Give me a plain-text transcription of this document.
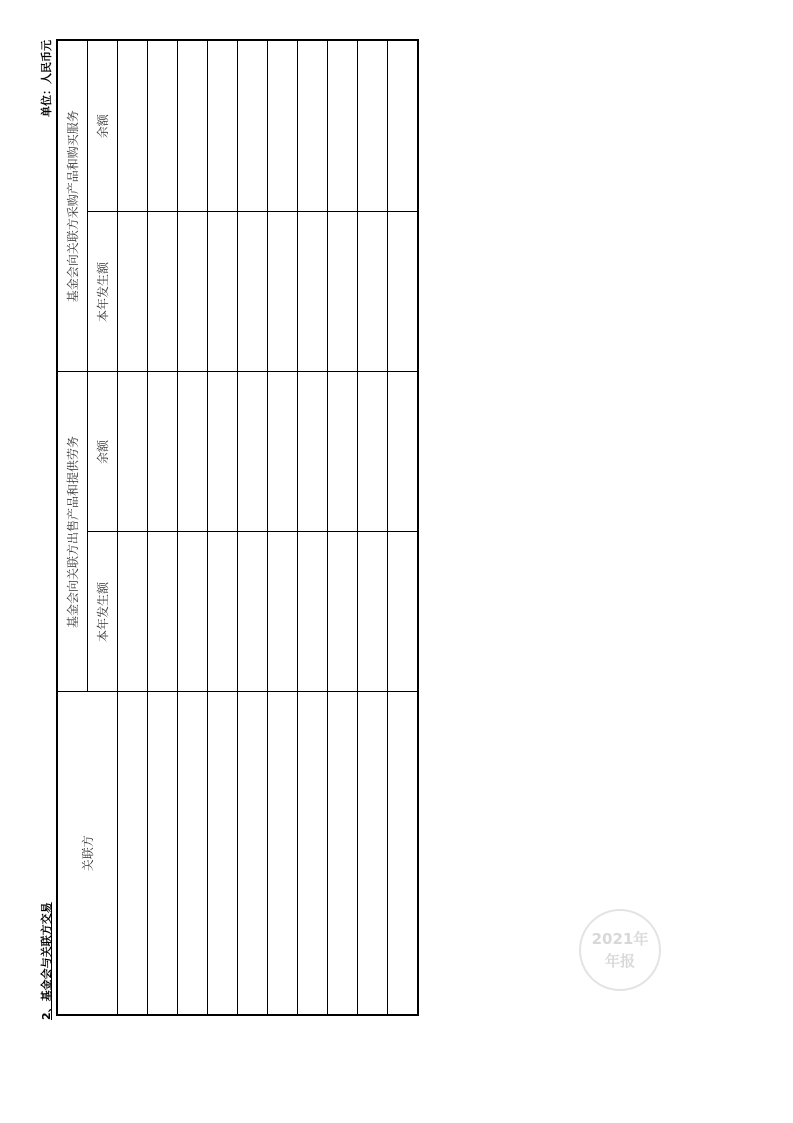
2、基金会与关联方交易
单位：人民币元
关联方	基金会向关联方出售产品和提供劳务		基金会向关联方采购产品和购买服务	
	本年发生额	余额	本年发生额	余额

2021年
年报
